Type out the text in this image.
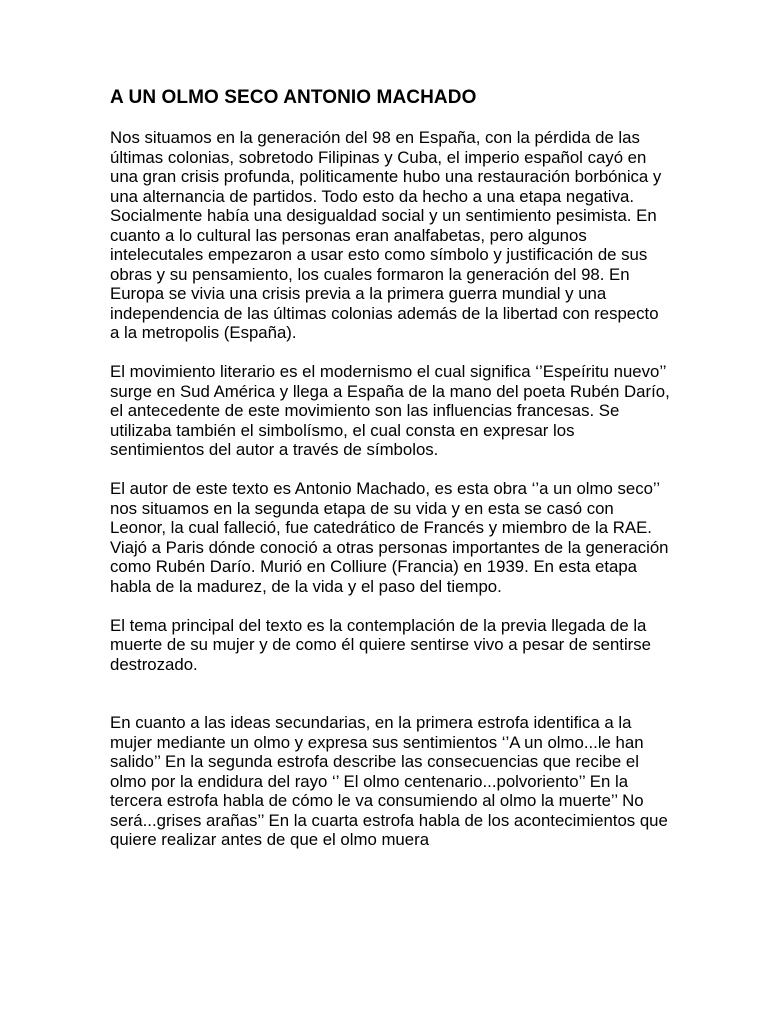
A UN OLMO SECO ANTONIO MACHADO

Nos situamos en la generación del 98 en España, con la pérdida de las últimas colonias, sobretodo Filipinas y Cuba, el imperio español cayó en una gran crisis profunda, politicamente hubo una restauración borbónica y una alternancia de partidos. Todo esto da hecho a una etapa negativa. Socialmente había una desigualdad social y un sentimiento pesimista. En cuanto a lo cultural las personas eran analfabetas, pero algunos intelecutales empezaron a usar esto como símbolo y justificación de sus obras y su pensamiento, los cuales formaron la generación del 98. En Europa se vivia una crisis previa a la primera guerra mundial y una independencia de las últimas colonias además de la libertad con respecto a la metropolis (España).

El movimiento literario es el modernismo el cual significa ‘’Espeíritu nuevo’’ surge en Sud América y llega a España de la mano del poeta Rubén Darío, el antecedente de este movimiento son las influencias francesas. Se utilizaba también el simbolísmo, el cual consta en expresar los sentimientos del autor a través de símbolos.

El autor de este texto es Antonio Machado, es esta obra ‘’a un olmo seco’’ nos situamos en la segunda etapa de su vida y en esta se casó con Leonor, la cual falleció, fue catedrático de Francés y miembro de la RAE. Viajó a Paris dónde conoció a otras personas importantes de la generación como Rubén Darío. Murió en Colliure (Francia) en 1939. En esta etapa habla de la madurez, de la vida y el paso del tiempo.

El tema principal del texto es la contemplación de la previa llegada de la muerte de su mujer y de como él quiere sentirse vivo a pesar de sentirse destrozado.

En cuanto a las ideas secundarias, en la primera estrofa identifica a la mujer mediante un olmo y expresa sus sentimientos ‘’A un olmo...le han salido’’ En la segunda estrofa describe las consecuencias que recibe el olmo por la endidura del rayo ‘’ El olmo centenario...polvoriento’’ En la tercera estrofa habla de cómo le va consumiendo al olmo la muerte’’ No será...grises arañas’’ En la cuarta estrofa habla de los acontecimientos que quiere realizar antes de que el olmo muera
